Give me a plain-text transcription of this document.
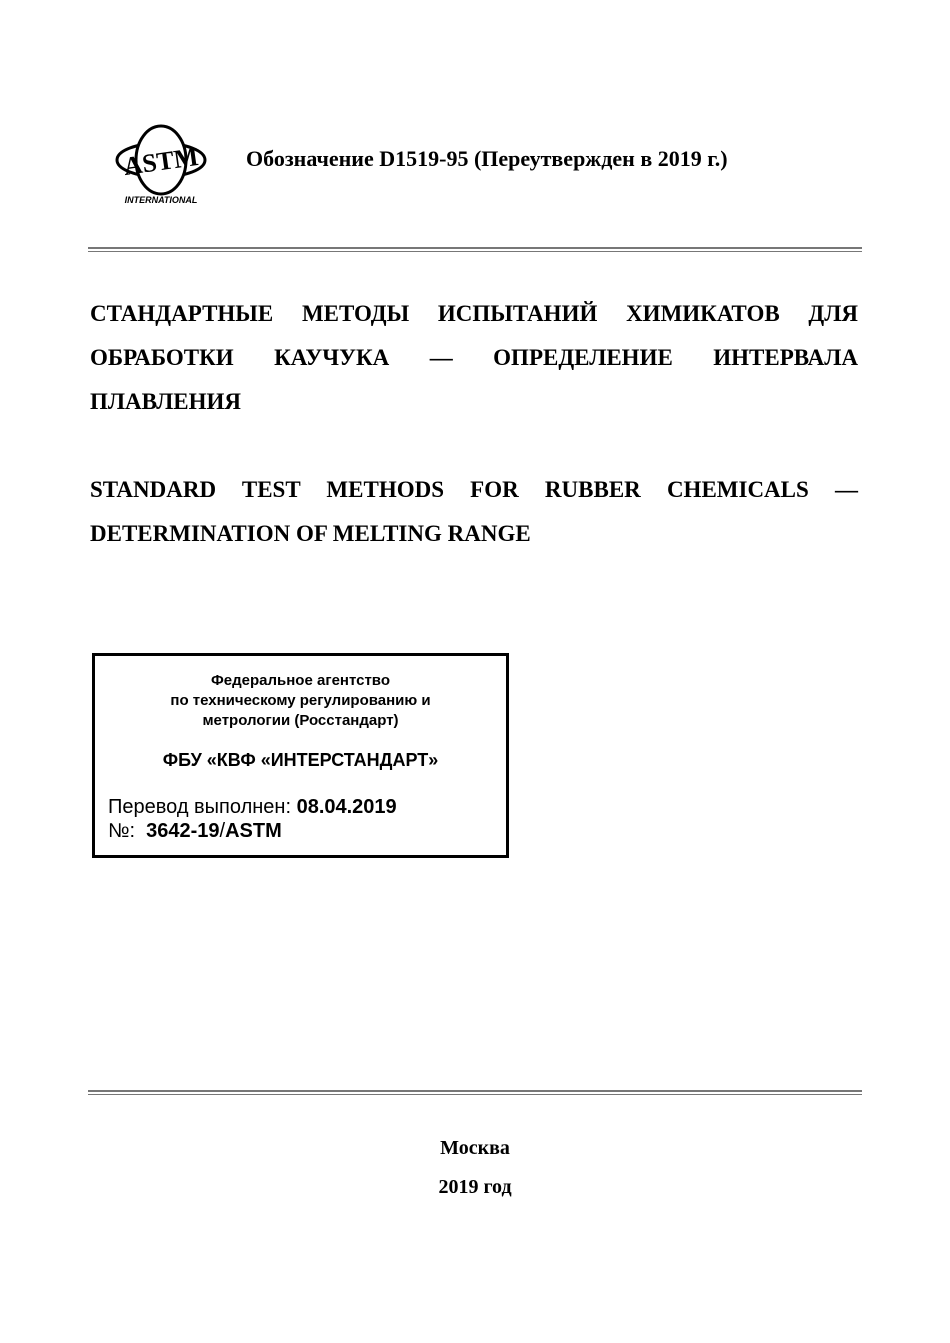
ASTM
INTERNATIONAL
Обозначение D1519-95 (Переутвержден в 2019 г.)
СТАНДАРТНЫЕ МЕТОДЫ ИСПЫТАНИЙ ХИМИКАТОВ ДЛЯ
ОБРАБОТКИ КАУЧУКА — ОПРЕДЕЛЕНИЕ ИНТЕРВАЛА
ПЛАВЛЕНИЯ
STANDARD TEST METHODS FOR RUBBER CHEMICALS —
DETERMINATION OF MELTING RANGE
Федеральное агентство
по техническому регулированию и
метрологии (Росстандарт)
ФБУ «КВФ «ИНТЕРСТАНДАРТ»
Перевод выполнен: 08.04.2019
№: 3642-19/ASTM
Москва
2019 год
